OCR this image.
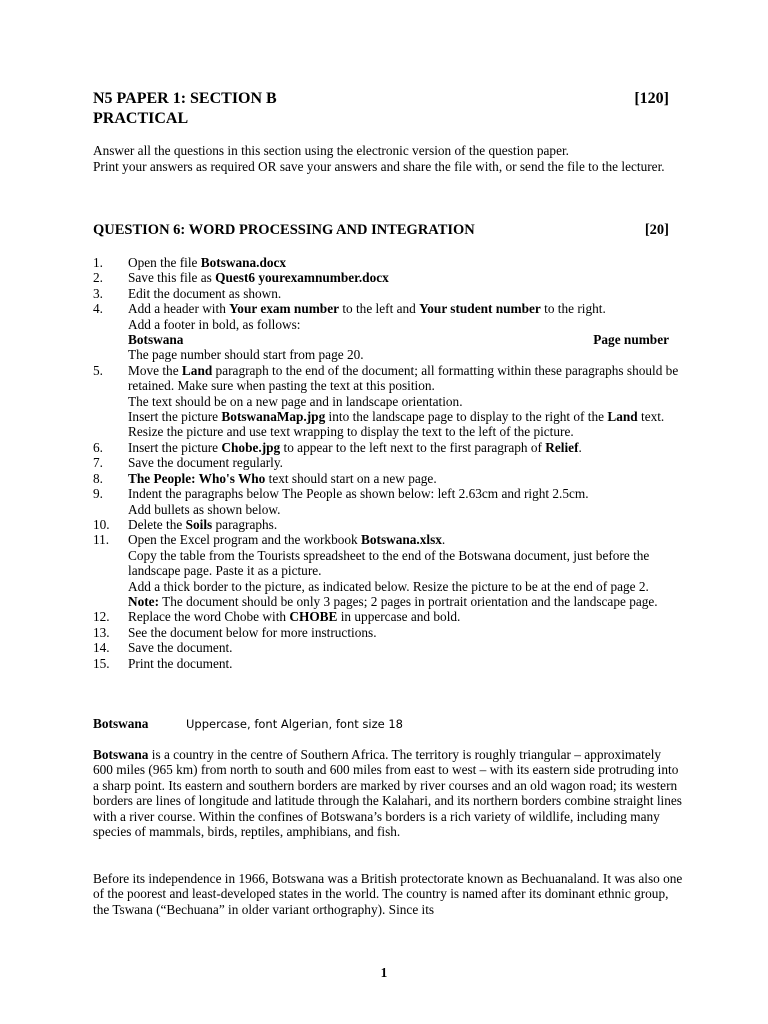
N5 PAPER 1: SECTION B	[120]
PRACTICAL
Answer all the questions in this section using the electronic version of the question paper.
Print your answers as required OR save your answers and share the file with, or send the file to the lecturer.
QUESTION 6: WORD PROCESSING AND INTEGRATION	[20]
1. Open the file Botswana.docx
2. Save this file as Quest6 yourexamnumber.docx
3. Edit the document as shown.
4. Add a header with Your exam number to the left and Your student number to the right.
Add a footer in bold, as follows:
Botswana	Page number
The page number should start from page 20.
5. Move the Land paragraph to the end of the document; all formatting within these paragraphs should be retained. Make sure when pasting the text at this position.
The text should be on a new page and in landscape orientation.
Insert the picture BotswanaMap.jpg into the landscape page to display to the right of the Land text. Resize the picture and use text wrapping to display the text to the left of the picture.
6. Insert the picture Chobe.jpg to appear to the left next to the first paragraph of Relief.
7. Save the document regularly.
8. The People: Who's Who text should start on a new page.
9. Indent the paragraphs below The People as shown below: left 2.63cm and right 2.5cm.
Add bullets as shown below.
10. Delete the Soils paragraphs.
11. Open the Excel program and the workbook Botswana.xlsx.
Copy the table from the Tourists spreadsheet to the end of the Botswana document, just before the landscape page. Paste it as a picture.
Add a thick border to the picture, as indicated below. Resize the picture to be at the end of page 2.
Note: The document should be only 3 pages; 2 pages in portrait orientation and the landscape page.
12. Replace the word Chobe with CHOBE in uppercase and bold.
13. See the document below for more instructions.
14. Save the document.
15. Print the document.
Botswana	Uppercase, font Algerian, font size 18
Botswana is a country in the centre of Southern Africa. The territory is roughly triangular – approximately 600 miles (965 km) from north to south and 600 miles from east to west – with its eastern side protruding into a sharp point. Its eastern and southern borders are marked by river courses and an old wagon road; its western borders are lines of longitude and latitude through the Kalahari, and its northern borders combine straight lines with a river course. Within the confines of Botswana’s borders is a rich variety of wildlife, including many species of mammals, birds, reptiles, amphibians, and fish.
Before its independence in 1966, Botswana was a British protectorate known as Bechuanaland. It was also one of the poorest and least-developed states in the world. The country is named after its dominant ethnic group, the Tswana (“Bechuana” in older variant orthography). Since its
1
